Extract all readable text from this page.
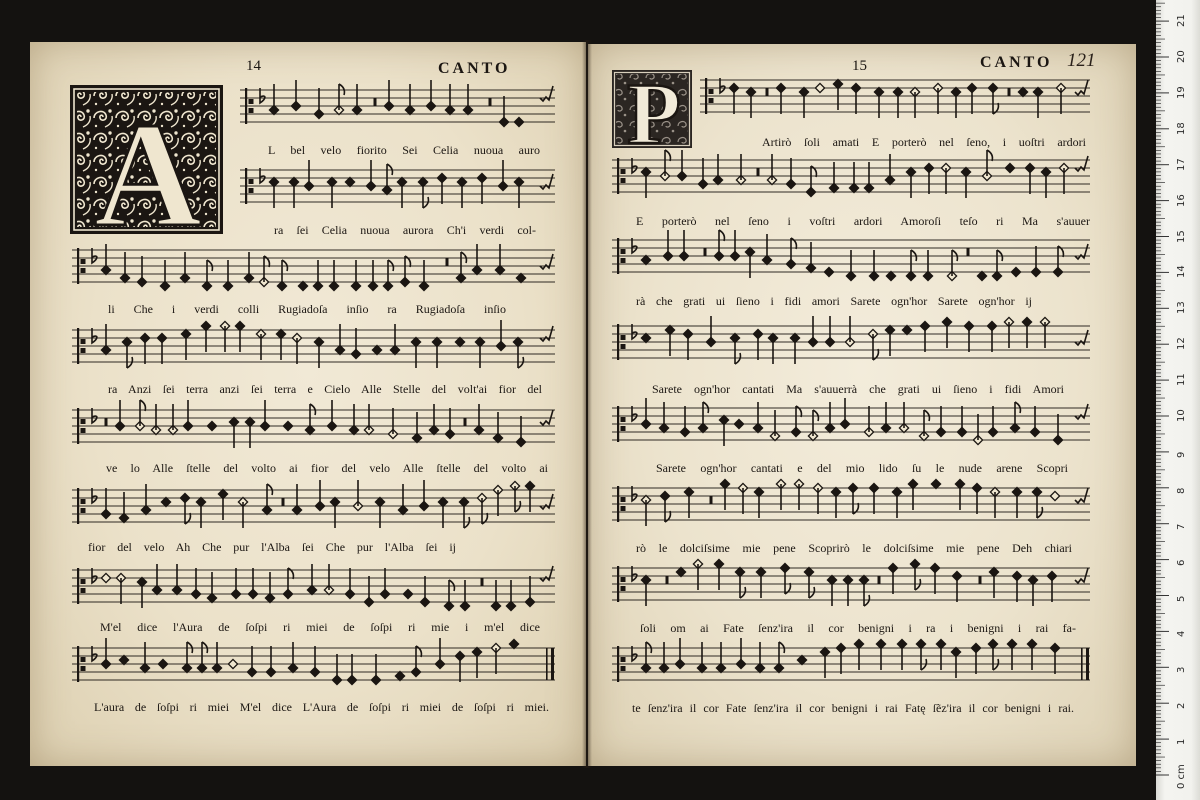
14	CANTO	15	CANTO 121
A	P
L bel velo fiorito Sei Celia nuoua auro
ra ſei Celia nuoua aurora Ch'i verdi col-
li Che i verdi colli Rugiadoſa inſio ra Rugiadoſa inſio
ra Anzi ſei terra anzi ſei terra e Cielo Alle Stelle del volt'ai fior del
ve lo Alle ſtelle del volto ai fior del velo Alle ſtelle del volto ai
fior del velo Ah Che pur l'Alba ſei Che pur l'Alba ſei ij
M'el dice l'Aura de ſoſpi ri miei de ſoſpi ri mie i m'el dice
L'aura de ſoſpi ri miei M'el dice L'Aura de ſoſpi ri miei de ſoſpi ri miei.
Artirò ſoli amati E porterò nel ſeno, i uoſtri ardori
E porterò nel ſeno i voſtri ardori Amoroſi teſo ri Ma s'auuer
rà che grati ui ſieno i fidi amori Sarete ogn'hor Sarete ogn'hor ij
Sarete ogn'hor cantati Ma s'auuerrà che grati ui ſieno i fidi Amori
Sarete ogn'hor cantati e del mio lido ſu le nude arene Scopri
rò le dolciſsime mie pene Scoprirò le dolciſsime mie pene Deh chiari
ſoli om ai Fate ſenz'ira il cor benigni i ra i benigni i rai fa-
te ſenz'ira il cor Fate ſenz'ira il cor benigni i rai Fatę ſẽz'ira il cor benigni i rai.
0 cm
1
2
3
4
5
6
7
8
9
10
11
12
13
14
15
16
17
18
19
20
21
